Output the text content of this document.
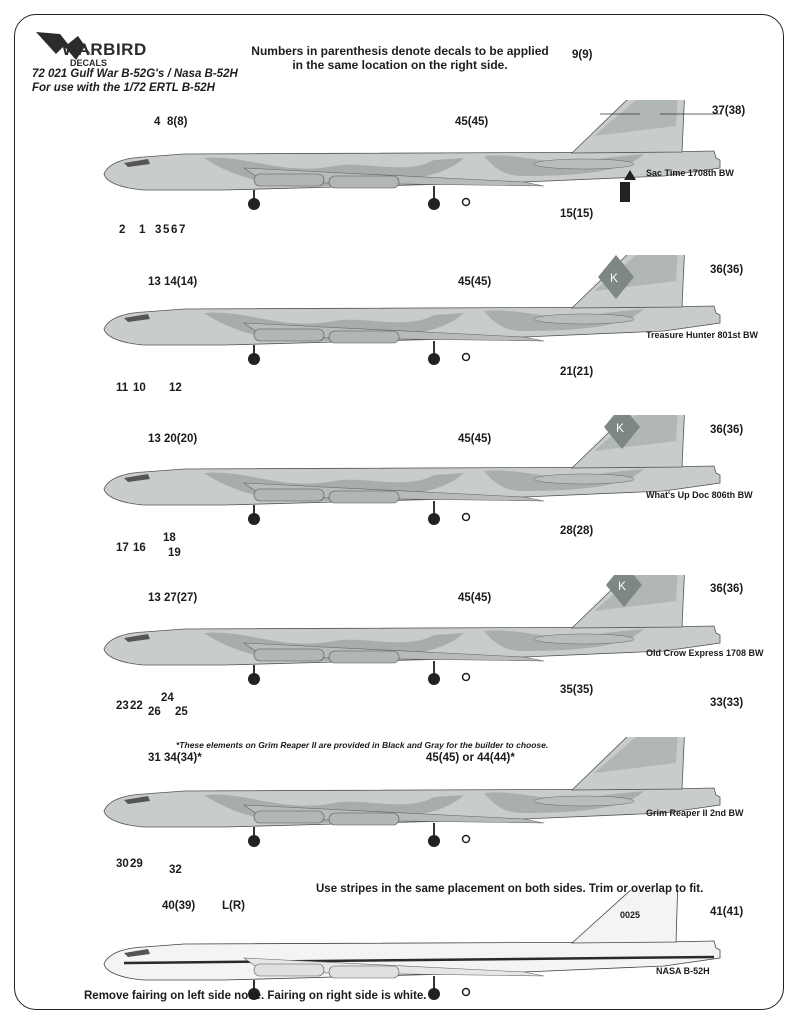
WARBIRD
DECALS
72 021 Gulf War B-52G's / Nasa B-52H
For use with the 1/72 ERTL B-52H
Numbers in parenthesis denote decals to be applied in the same location on the right side.
9(9)
37(38)
45(45)
4 8(8)
2 1 3 5 6 7
Sac Time 1708th BW
K
15(15)
36(36)
45(45)
13 14(14)
11 10 12
Treasure Hunter 801st BW
K
21(21)
36(36)
45(45)
13 20(20)
17 16
18
19
What's Up Doc 806th BW
K
28(28)
36(36)
45(45)
13 27(27)
23 22 26
24
25
Old Crow Express 1708 BW
35(35)
33(33)
*These elements on Grim Reaper II are provided in Black and Gray for the builder to choose.
45(45) or 44(44)*
31 34(34)*
30 29 32
Grim Reaper II 2nd BW
Use stripes in the same placement on both sides. Trim or overlap to fit.
41(41)
0025
40(39) L(R)
NASA B-52H
Remove fairing on left side nose. Fairing on right side is white.
